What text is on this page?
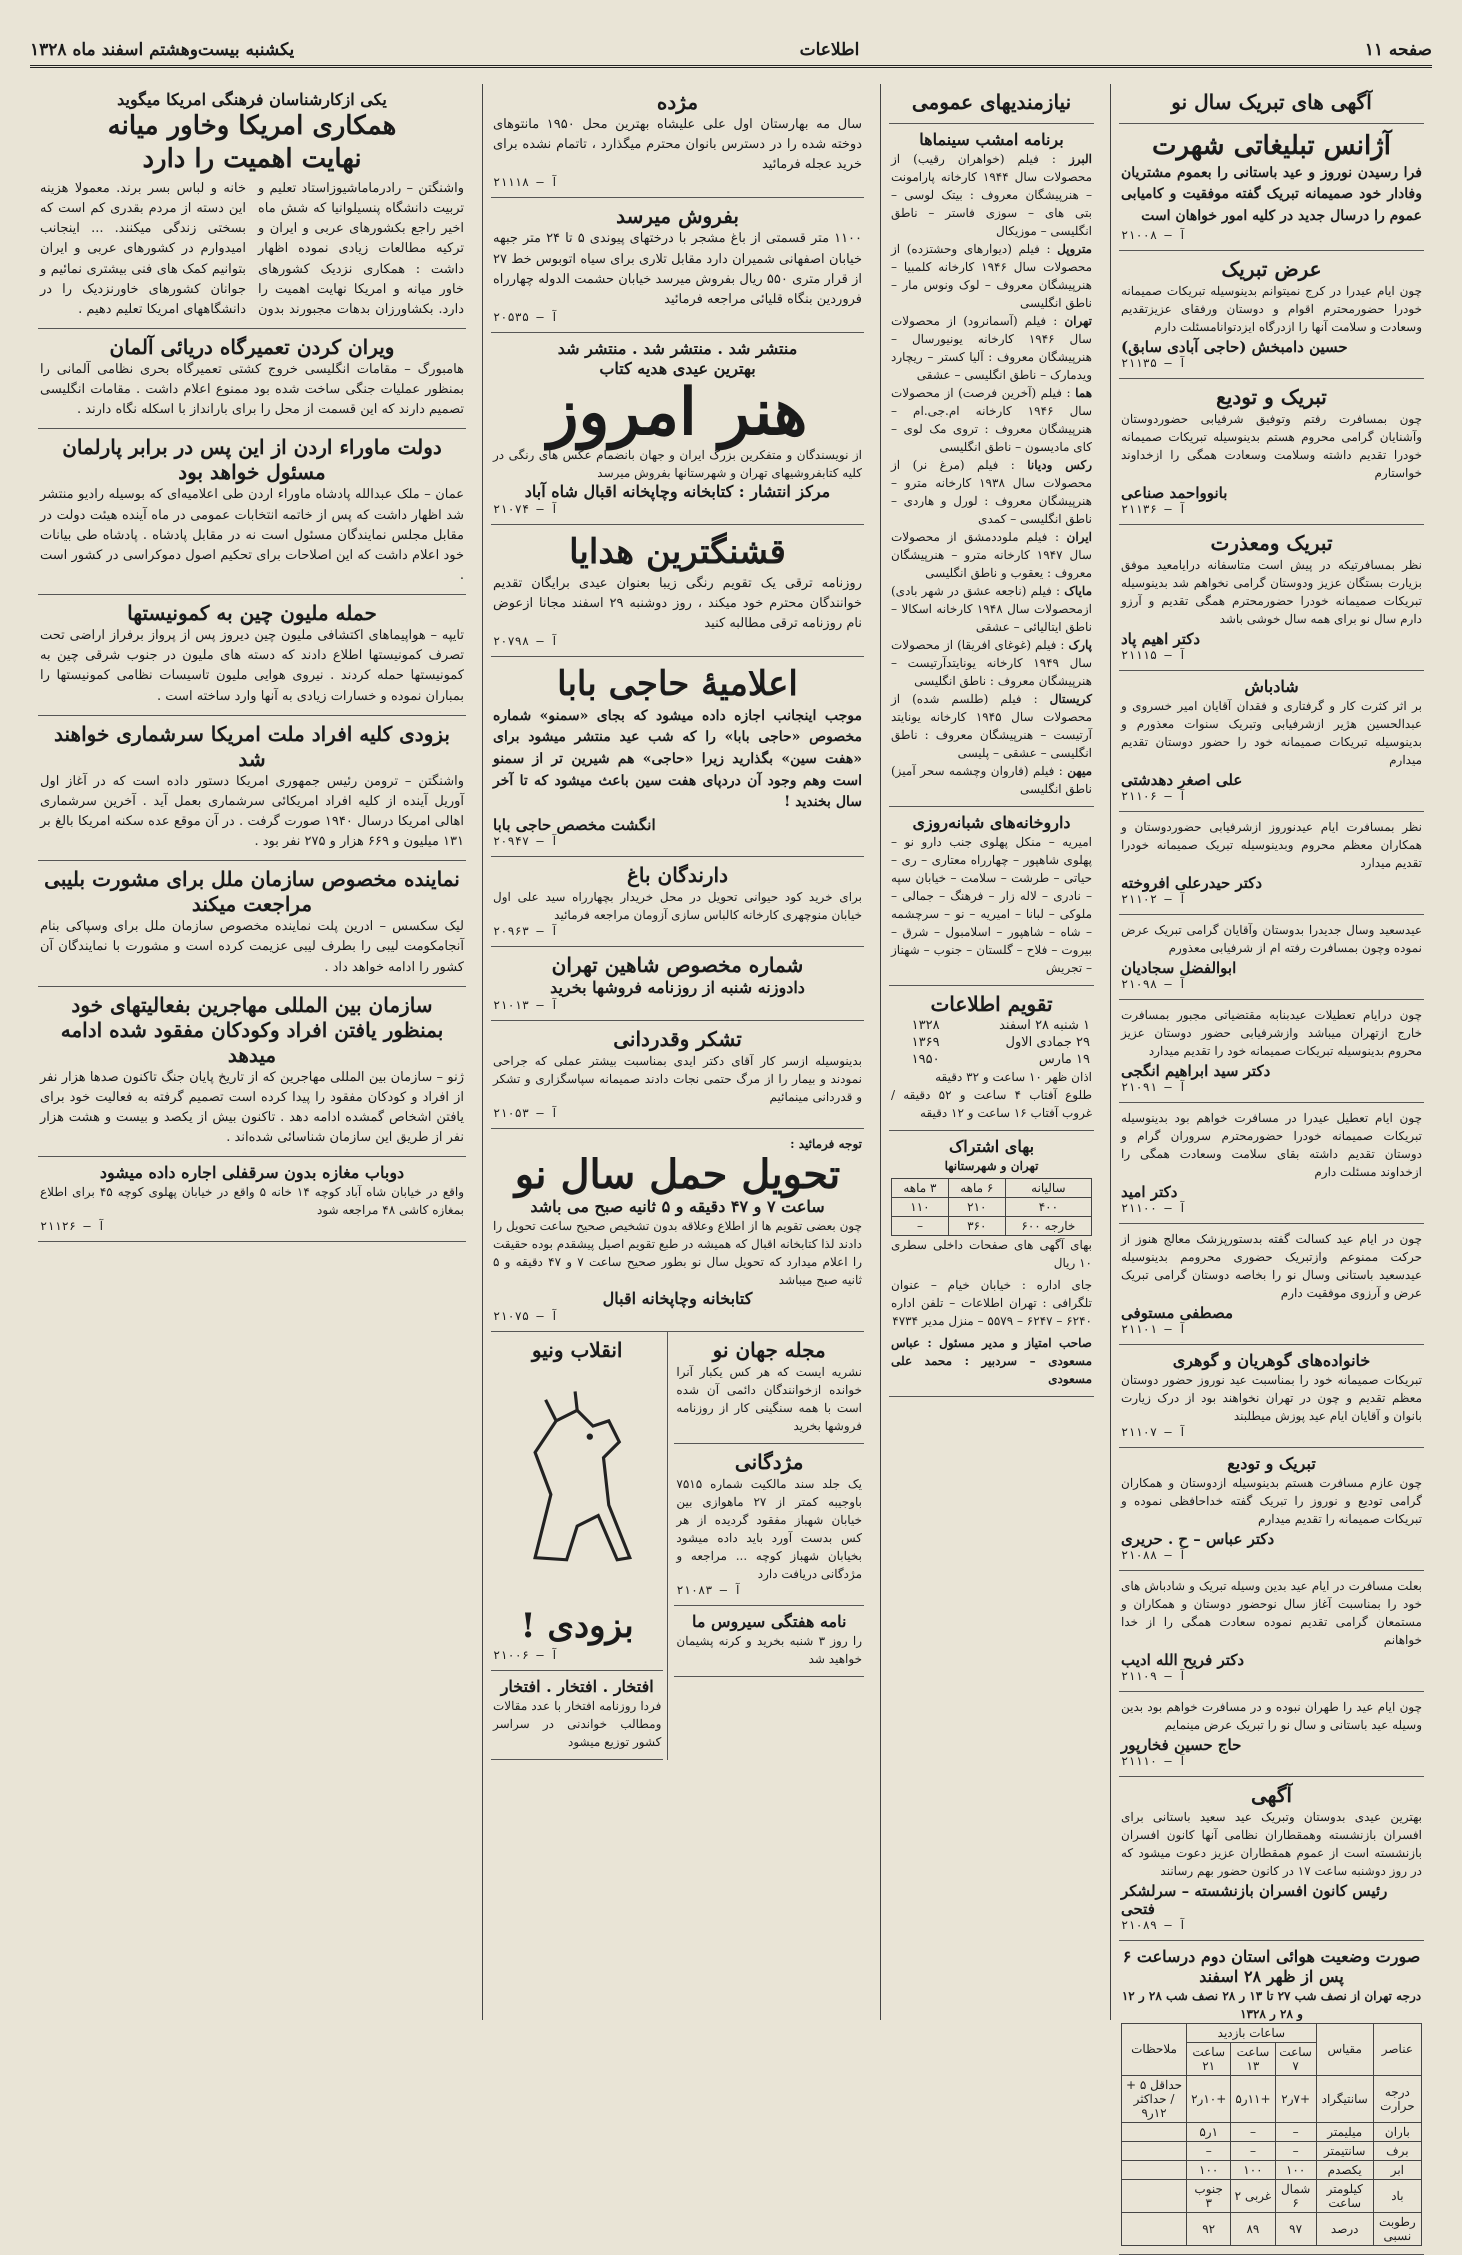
صفحه ۱۱
اطلاعات
یکشنبه بیست‌وهشتم اسفند ماه ۱۳۲۸
آگهی های تبریک سال نو
آژانس تبلیغاتی شهرت
فرا رسیدن نوروز و عید باستانی را بعموم مشتریان وفادار خود صمیمانه تبریک گفته موفقیت و کامیابی عموم را درسال جدید در کلیه امور خواهان است
آ – ۲۱۰۰۸
عرض تبریک
چون ایام عیدرا در کرج نمیتوانم بدینوسیله تبریکات صمیمانه خودرا حضورمحترم اقوام و دوستان ورفقای عزیزتقدیم وسعادت و سلامت آنها را ازدرگاه ایزدتوانامسئلت دارم
حسین دامبخش (حاجی آبادی سابق)
آ – ۲۱۱۳۵
تبریک و تودیع
چون بمسافرت رفتم وتوفیق شرفیابی حضوردوستان وآشنایان گرامی محروم هستم بدینوسیله تبریکات صمیمانه خودرا تقدیم داشته وسلامت وسعادت همگی را ازخداوند خواستارم
بانوواحمد صناعی
آ – ۲۱۱۳۶
تبریک ومعذرت
نظر بمسافرتیکه در پیش است متاسفانه درایامعید موفق بزیارت بستگان عزیز ودوستان گرامی نخواهم شد بدینوسیله تبریکات صمیمانه خودرا حضورمحترم همگی تقدیم و آرزو دارم سال نو برای همه سال خوشی باشد
دکتر اهیم پاد
آ – ۲۱۱۱۵
شادباش
بر اثر کثرت کار و گرفتاری و فقدان آقایان امیر خسروی و عبدالحسین هژیر ازشرفیابی وتبریک سنوات معذورم و بدینوسیله تبریکات صمیمانه خود را حضور دوستان تقدیم میدارم
علی اصغر دهدشتی
آ – ۲۱۱۰۶
نظر بمسافرت ایام عیدنوروز ازشرفیابی حضوردوستان و همکاران معظم محروم وبدینوسیله تبریک صمیمانه خودرا تقدیم میدارد
دکتر حیدرعلی افروخته
آ – ۲۱۱۰۲
عیدسعید وسال جدیدرا بدوستان وآقایان گرامی تبریک عرض نموده وچون بمسافرت رفته ام از شرفیابی معذورم
ابوالفضل سجادیان
آ – ۲۱۰۹۸
چون درایام تعطیلات عیدبنابه مقتضیاتی مجبور بمسافرت خارج ازتهران میباشد وازشرفیابی حضور دوستان عزیز محروم بدینوسیله تبریکات صمیمانه خود را تقدیم میدارد
دکتر سید ابراهیم انگجی
آ – ۲۱۰۹۱
چون ایام تعطیل عیدرا در مسافرت خواهم بود بدینوسیله تبریکات صمیمانه خودرا حضورمحترم سروران گرام و دوستان تقدیم داشته بقای سلامت وسعادت همگی را ازخداوند مسئلت دارم
دکتر امید
آ – ۲۱۱۰۰
چون در ایام عید کسالت گفته بدستورپزشک معالج هنوز از حرکت ممنوعم وازتبریک حضوری محرومم بدینوسیله عیدسعید باستانی وسال نو را بخاصه دوستان گرامی تبریک عرض و آرزوی موفقیت دارم
مصطفی مستوفی
آ – ۲۱۱۰۱
خانواده‌های گوهریان و گوهری
تبریکات صمیمانه خود را بمناسبت عید نوروز حضور دوستان معظم تقدیم و چون در تهران نخواهند بود از درک زیارت بانوان و آقایان ایام عید پوزش میطلبند
آ – ۲۱۱۰۷
تبریک و تودیع
چون عازم مسافرت هستم بدینوسیله ازدوستان و همکاران گرامی تودیع و نوروز را تبریک گفته خداحافظی نموده و تبریکات صمیمانه را تقدیم میدارم
دکتر عباس – ح . حریری
آ – ۲۱۰۸۸
بعلت مسافرت در ایام عید بدین وسیله تبریک و شادباش های خود را بمناسبت آغاز سال نوحضور دوستان و همکاران و مستمعان گرامی تقدیم نموده سعادت همگی را از خدا خواهانم
دکتر فریح الله ادیب
آ – ۲۱۱۰۹
چون ایام عید را طهران نبوده و در مسافرت خواهم بود بدین وسیله عید باستانی و سال نو را تبریک عرض مینمایم
حاج حسین فخارپور
آ – ۲۱۱۱۰
آگهی
بهترین عیدی بدوستان وتبریک عید سعید باستانی برای افسران بازنشسته وهمقطاران نظامی آنها کانون افسران بازنشسته است از عموم همقطاران عزیز دعوت میشود که در روز دوشنبه ساعت ۱۷ در کانون حضور بهم رسانند
رئیس کانون افسران بازنشسته – سرلشکر فتحی
آ – ۲۱۰۸۹
صورت وضعیت هوائی استان دوم درساعت ۶ پس از ظهر ۲۸ اسفند
درجه تهران از نصف شب ۲۷ تا ۱۳ ر ۲۸ نصف شب ۲۸ ر ۱۲ و ۲۸ ر ۱۳۲۸
عناصر	مقیاس	ساعات بازدید			ملاحظات
		ساعت ۷	ساعت ۱۳	ساعت ۲۱	
درجه حرارت	سانتیگراد	+۷ر۲	+۱۱ر۵	+۱۰ر۲	حداقل ۵ + / حداکثر ۱۲ر۹
باران	میلیمتر	–	–	۱ر۵	
برف	سانتیمتر	–	–	–	
ابر	یکصدم	۱۰۰	۱۰۰	۱۰۰	
باد	کیلومتر ساعت	شمال ۶	غربی ۲	جنوب ۳	
رطوبت نسبی	درصد	۹۷	۸۹	۹۲	
نیازمندیهای عمومی
برنامه امشب سینماها

البرز : فیلم (خواهران رقیب) از محصولات سال ۱۹۴۴ کارخانه پارامونت – هنرپیشگان معروف : بیتک لوسی – بتی های – سوزی فاستر – ناطق انگلیسی – موزیکال

متروپل : فیلم (دیوارهای وحشتزده) از محصولات سال ۱۹۴۶ کارخانه کلمبیا – هنرپیشگان معروف – لوک ونوس مار – ناطق انگلیسی

تهران : فیلم (آسمانرود) از محصولات سال ۱۹۴۶ کارخانه یونیورسال – هنرپیشگان معروف : آلیا کستر – ریچارد ویدمارک – ناطق انگلیسی – عشقی

هما : فیلم (آخرین فرصت) از محصولات سال ۱۹۴۶ کارخانه ام.جی.ام – هنرپیشگان معروف : تروی مک لوی – کای مادیسون – ناطق انگلیسی

رکس ودیانا : فیلم (مرغ نر) از محصولات سال ۱۹۳۸ کارخانه مترو – هنرپیشگان معروف : لورل و هاردی – ناطق انگلیسی – کمدی

ایران : فیلم ملوددمشق از محصولات سال ۱۹۴۷ کارخانه مترو – هنرپیشگان معروف : یعقوب و ناطق انگلیسی

مایاک : فیلم (ناجعه عشق در شهر بادی) ازمحصولات سال ۱۹۴۸ کارخانه اسکالا – ناطق ایتالیائی – عشقی

پارک : فیلم (غوغای افریقا) از محصولات سال ۱۹۴۹ کارخانه یونایتدآرتیست – هنرپیشگان معروف : ناطق انگلیسی

کریستال : فیلم (طلسم شده) از محصولات سال ۱۹۴۵ کارخانه یونایتد آرتیست – هنرپیشگان معروف : ناطق انگلیسی – عشقی – پلیسی

میهن : فیلم (فاروان وچشمه سحر آمیز) ناطق انگلیسی

داروخانه‌های شبانه‌روزی
امیریه – منکل پهلوی جنب دارو نو – پهلوی شاهپور – چهارراه معتاری – ری – حیاتی – طرشت – سلامت – خیابان سپه – نادری – لاله زار – فرهنگ – جمالی – ملوکی – لبانا – امیریه – نو – سرچشمه – شاه – شاهپور – اسلامبول – شرق – بیروت – فلاح – گلستان – جنوب – شهناز – تجریش
تقویم اطلاعات
۱ شنبه ۲۸ اسفند	۱۳۲۸
۲۹ جمادی الاول	۱۳۶۹
۱۹ مارس	۱۹۵۰
اذان ظهر ۱۰ ساعت و ۳۲ دقیقه
طلوع آفتاب ۴ ساعت و ۵۲ دقیقه / غروب آفتاب ۱۶ ساعت و ۱۲ دقیقه
بهای اشتراک
تهران و شهرستانها
ساليانه	۶ ماهه	۳ ماهه
۴۰۰	۲۱۰	۱۱۰
خارجه ۶۰۰	۳۶۰	–
بهای آگهی های صفحات داخلی سطری ۱۰ ریال
جای اداره : خیابان خیام – عنوان تلگرافی : تهران اطلاعات – تلفن اداره ۶۲۴۰ – ۶۲۴۷ – ۵۵۷۹ – منزل مدیر ۴۷۳۴
صاحب امتیاز و مدیر مسئول : عباس مسعودی – سردبیر : محمد علی مسعودی
مژده
سال مه بهارستان اول علی علیشاه بهترین محل ۱۹۵۰ مانتوهای دوخته شده را در دسترس بانوان محترم میگذارد ، تاتمام نشده برای خرید عجله فرمائید
آ – ۲۱۱۱۸
بفروش میرسد
۱۱۰۰ متر قسمتی از باغ مشجر با درختهای پیوندی ۵ تا ۲۴ متر جبهه خیابان اصفهانی شمیران دارد مقابل تلاری برای سیاه اتوبوس خط ۲۷ از قرار متری ۵۵۰ ریال بفروش میرسد خیابان حشمت الدوله چهارراه فروردین بنگاه قلیائی مراجعه فرمائید
آ – ۲۰۵۳۵
منتشر شد . منتشر شد . منتشر شد
بهترین عیدی هدیه کتاب
هنر امروز
از نویسندگان و متفکرین بزرگ ایران و جهان بانضمام عکس های رنگی در کلیه کتابفروشیهای تهران و شهرستانها بفروش میرسد
مرکز انتشار : کتابخانه وچاپخانه اقبال شاه آباد
آ – ۲۱۰۷۴
قشنگترین هدایا
روزنامه ترقی یک تقویم رنگی زیبا بعنوان عیدی برایگان تقدیم خوانندگان محترم خود میکند ، روز دوشنبه ۲۹ اسفند مجانا ازعوض نام روزنامه ترقی مطالبه کنید
آ – ۲۰۷۹۸
اعلامیهٔ حاجی بابا
موجب اینجانب اجازه داده میشود که بجای «سمنو» شماره مخصوص «حاجی بابا» را که شب عید منتشر میشود برای «هفت سین» بگذارید زیرا «حاجی» هم شیرین تر از سمنو است وهم وجود آن دردپای هفت سین باعث میشود که تا آخر سال بخندید !
انگشت مخصص حاجی بابا
آ – ۲۰۹۴۷
دارندگان باغ
برای خرید کود حیوانی تحویل در محل خریدار بچهارراه سید علی اول خیابان منوچهری کارخانه کالباس سازی آزومان مراجعه فرمائید
آ – ۲۰۹۶۳
شماره مخصوص شاهین تهران
دادوزنه شنبه از روزنامه فروشها بخرید
آ – ۲۱۰۱۳
تشکر وقدردانی
بدینوسیله ازسر کار آقای دکتر ایدی بمناسبت بیشتر عملی که جراحی نمودند و بیمار را از مرگ حتمی نجات دادند صمیمانه سپاسگزاری و تشکر و قدردانی مینمائیم
آ – ۲۱۰۵۳
توجه فرمائید :
تحویل حمل سال نو
ساعت ۷ و ۴۷ دقیقه و ۵ ثانیه صبح می باشد
چون بعضی تقویم ها از اطلاع وعلاقه بدون تشخیص صحیح ساعت تحویل را دادند لذا کتابخانه اقبال که همیشه در طبع تقویم اصیل پیشقدم بوده حقیقت را اعلام میدارد که تحویل سال نو بطور صحیح ساعت ۷ و ۴۷ دقیقه و ۵ ثانیه صبح میباشد
کتابخانه وچاپخانه اقبال
آ – ۲۱۰۷۵
مجله جهان نو
نشریه ایست که هر کس یکبار آنرا خوانده ازخوانندگان دائمی آن شده است با همه سنگینی کار از روزنامه فروشها بخرید
مژدگانی
یک جلد سند مالکیت شماره ۷۵۱۵ باوجیبه کمتر از ۲۷ ماهوازی بین خیابان شهباز مفقود گردیده از هر کس بدست آورد باید داده میشود بخیابان شهباز کوچه ... مراجعه و مژدگانی دریافت دارد
آ – ۲۱۰۸۳
نامه هفتگی سیروس ما
را روز ۳ شنبه بخرید و کرنه پشیمان خواهید شد
انقلاب ونیو
بزودی !
آ – ۲۱۰۰۶
افتخار . افتخار . افتخار
فردا روزنامه افتخار با عدد مقالات ومطالب خواندنی در سراسر کشور توزیع میشود
یکی ازکارشناسان فرهنگی امریکا میگوید
همکاری امریکا وخاور میانه
نهایت اهمیت را دارد
واشنگتن – رادرماماشیوزاستاد تعلیم و تربیت دانشگاه پنسیلوانیا که شش ماه اخیر راجع بکشورهای عربی و ایران و ترکیه مطالعات زیادی نموده اظهار داشت : همکاری نزدیک کشورهای خاور میانه و امریکا نهایت اهمیت را دارد. بکشاورزان بدهات مجبورند بدون خانه و لباس بسر برند. معمولا هزینه این دسته از مردم بقدری کم است که بسختی زندگی میکنند. ... اینجانب امیدوارم در کشورهای عربی و ایران بتوانیم کمک های فنی بیشتری نمائیم و جوانان کشورهای خاورنزدیک را در دانشگاههای امریکا تعلیم دهیم .
ویران کردن تعمیرگاه دریائی آلمان
هامبورگ – مقامات انگلیسی خروج کشتی تعمیرگاه بحری نظامی آلمانی را بمنظور عملیات جنگی ساخت شده بود ممنوع اعلام داشت . مقامات انگلیسی تصمیم دارند که این قسمت از محل را برای بارانداز با اسکله نگاه دارند .
دولت ماوراء اردن از این پس در برابر پارلمان مسئول خواهد بود
عمان – ملک عبدالله پادشاه ماوراء اردن طی اعلامیه‌ای که بوسیله رادیو منتشر شد اظهار داشت که پس از خاتمه انتخابات عمومی در ماه آینده هیئت دولت در مقابل مجلس نمایندگان مسئول است نه در مقابل پادشاه . پادشاه طی بیانات خود اعلام داشت که این اصلاحات برای تحکیم اصول دموکراسی در کشور است .
حمله ملیون چین به کمونیستها
تایپه – هواپیماهای اکتشافی ملیون چین دیروز پس از پرواز برفراز اراضی تحت تصرف کمونیستها اطلاع دادند که دسته های ملیون در جنوب شرقی چین به کمونیستها حمله کردند . نیروی هوایی ملیون تاسیسات نظامی کمونیستها را بمباران نموده و خسارات زیادی به آنها وارد ساخته است .
بزودی کلیه افراد ملت امریکا سرشماری خواهند شد
واشنگتن – ترومن رئیس جمهوری امریکا دستور داده است که در آغاز اول آوریل آینده از کلیه افراد امریکائی سرشماری بعمل آید . آخرین سرشماری اهالی امریکا درسال ۱۹۴۰ صورت گرفت . در آن موقع عده سکنه امریکا بالغ بر ۱۳۱ میلیون و ۶۶۹ هزار و ۲۷۵ نفر بود .
نماینده مخصوص سازمان ملل برای مشورت بلیبی مراجعت میکند
لیک سکسس – ادرین پلت نماینده مخصوص سازمان ملل برای وسپاکی بنام آنجامکومت لیبی را بطرف لیبی عزیمت کرده است و مشورت با نمایندگان آن کشور را ادامه خواهد داد .
سازمان بین المللی مهاجرین بفعالیتهای خود بمنظور یافتن افراد وکودکان مفقود شده ادامه میدهد
ژنو – سازمان بین المللی مهاجرین که از تاریخ پایان جنگ تاکنون صدها هزار نفر از افراد و کودکان مفقود را پیدا کرده است تصمیم گرفته به فعالیت خود برای یافتن اشخاص گمشده ادامه دهد . تاکنون بیش از یکصد و بیست و هشت هزار نفر از طریق این سازمان شناسائی شده‌اند .
دوباب مغازه بدون سرقفلی اجاره داده میشود
واقع در خیابان شاه آباد کوچه ۱۴ خانه ۵ واقع در خیابان پهلوی کوچه ۴۵ برای اطلاع بمغازه کاشی ۴۸ مراجعه شود
آ – ۲۱۱۲۶
